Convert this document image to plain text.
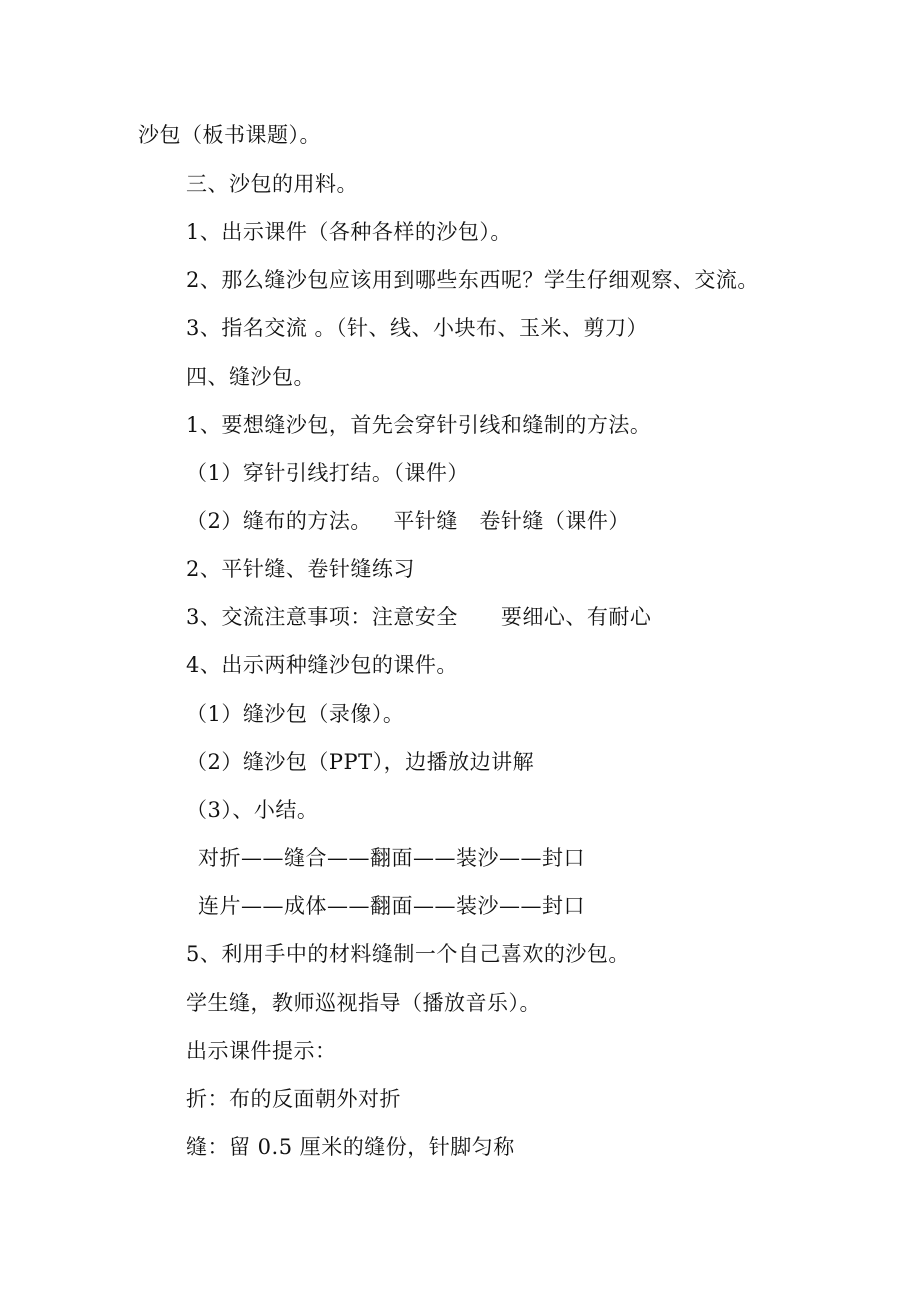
沙包（板书课题）。
三、沙包的用料。
1、出示课件（各种各样的沙包）。
2、那么缝沙包应该用到哪些东西呢？学生仔细观察、交流。
3、指名交流 。（针、线、小块布、玉米、剪刀）
四、缝沙包。
1、要想缝沙包，首先会穿针引线和缝制的方法。
（1）穿针引线打结。（课件）
（2）缝布的方法。   平针缝   卷针缝（课件）
2、平针缝、卷针缝练习
3、交流注意事项：注意安全      要细心、有耐心
4、出示两种缝沙包的课件。
（1）缝沙包（录像）。
（2）缝沙包（PPT），边播放边讲解
（3）、小结。
对折——缝合——翻面——装沙——封口
连片——成体——翻面——装沙——封口
5、利用手中的材料缝制一个自己喜欢的沙包。
学生缝，教师巡视指导（播放音乐）。
出示课件提示：
折：布的反面朝外对折
缝：留 0.5 厘米的缝份，针脚匀称
